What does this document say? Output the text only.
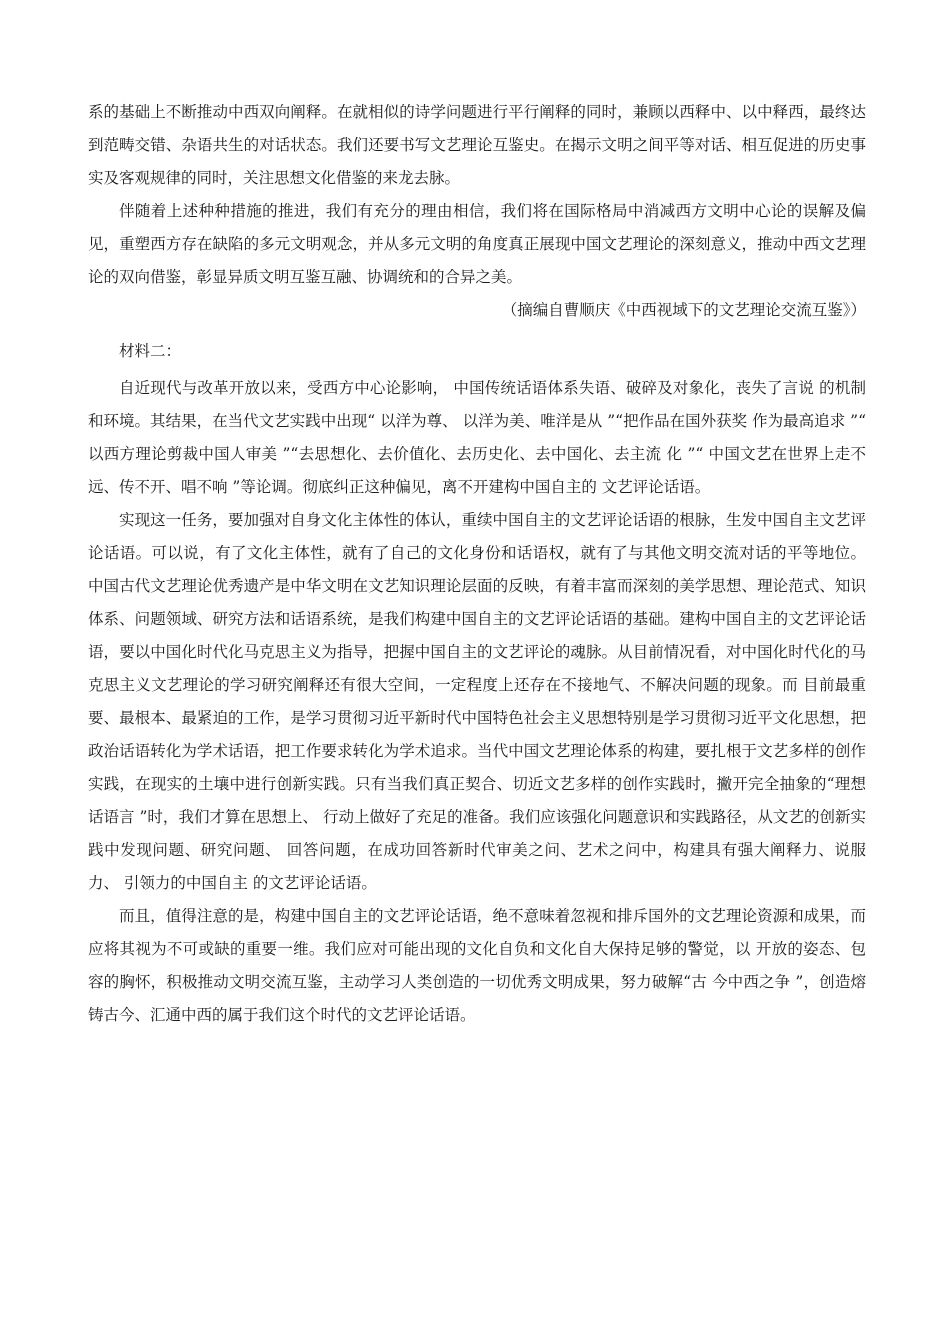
系的基础上不断推动中西双向阐释。在就相似的诗学问题进行平行阐释的同时，兼顾以西释中、以中释西，最终达到范畴交错、杂语共生的对话状态。我们还要书写文艺理论互鉴史。在揭示文明之间平等对话、相互促进的历史事实及客观规律的同时，关注思想文化借鉴的来龙去脉。

伴随着上述种种措施的推进，我们有充分的理由相信，我们将在国际格局中消减西方文明中心论的误解及偏见，重塑西方存在缺陷的多元文明观念，并从多元文明的角度真正展现中国文艺理论的深刻意义，推动中西文艺理论的双向借鉴，彰显异质文明互鉴互融、协调统和的合异之美。

（摘编自曹顺庆《中西视域下的文艺理论交流互鉴》）

材料二：

自近现代与改革开放以来，受西方中心论影响， 中国传统话语体系失语、破碎及对象化，丧失了言说 的机制和环境。其结果，在当代文艺实践中出现“ 以洋为尊、 以洋为美、唯洋是从 ”“把作品在国外获奖 作为最高追求 ”“ 以西方理论剪裁中国人审美 ”“去思想化、去价值化、去历史化、去中国化、去主流 化 ”“ 中国文艺在世界上走不远、传不开、唱不响 ”等论调。彻底纠正这种偏见，离不开建构中国自主的 文艺评论话语。

实现这一任务，要加强对自身文化主体性的体认，重续中国自主的文艺评论话语的根脉，生发中国自主文艺评论话语。可以说，有了文化主体性，就有了自己的文化身份和话语权，就有了与其他文明交流对话的平等地位。 中国古代文艺理论优秀遗产是中华文明在文艺知识理论层面的反映，有着丰富而深刻的美学思想、理论范式、知识体系、问题领域、研究方法和话语系统，是我们构建中国自主的文艺评论话语的基础。建构中国自主的文艺评论话语，要以中国化时代化马克思主义为指导，把握中国自主的文艺评论的魂脉。从目前情况看，对中国化时代化的马克思主义文艺理论的学习研究阐释还有很大空间，一定程度上还存在不接地气、不解决问题的现象。而 目前最重要、最根本、最紧迫的工作，是学习贯彻习近平新时代中国特色社会主义思想特别是学习贯彻习近平文化思想，把政治话语转化为学术话语，把工作要求转化为学术追求。当代中国文艺理论体系的构建，要扎根于文艺多样的创作实践，在现实的土壤中进行创新实践。只有当我们真正契合、切近文艺多样的创作实践时，撇开完全抽象的“理想话语言 ”时，我们才算在思想上、 行动上做好了充足的准备。我们应该强化问题意识和实践路径，从文艺的创新实践中发现问题、研究问题、 回答问题，在成功回答新时代审美之问、艺术之问中，构建具有强大阐释力、说服力、 引领力的中国自主 的文艺评论话语。

而且，值得注意的是，构建中国自主的文艺评论话语，绝不意味着忽视和排斥国外的文艺理论资源和成果，而应将其视为不可或缺的重要一维。我们应对可能出现的文化自负和文化自大保持足够的警觉，以 开放的姿态、包容的胸怀，积极推动文明交流互鉴，主动学习人类创造的一切优秀文明成果，努力破解“古 今中西之争 ”，创造熔铸古今、汇通中西的属于我们这个时代的文艺评论话语。
